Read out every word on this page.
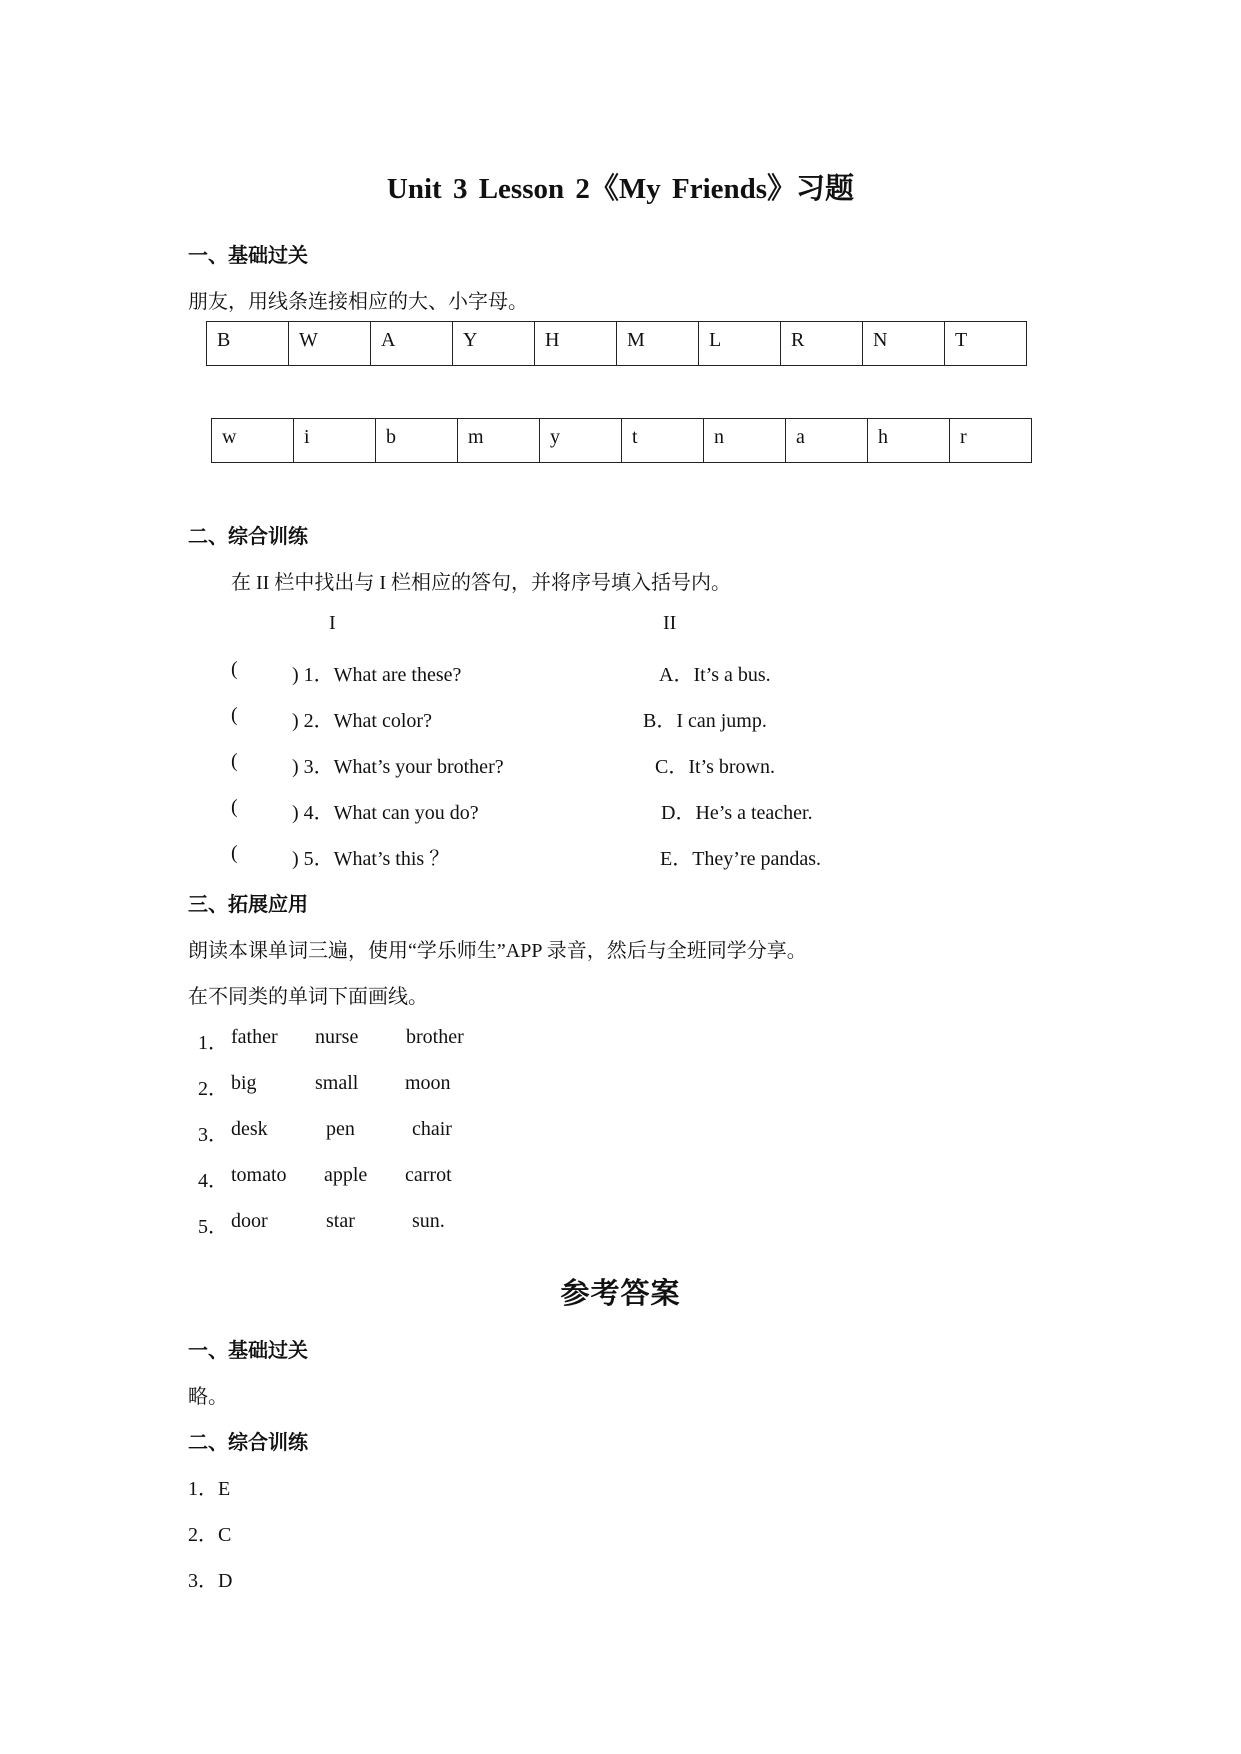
Unit 3 Lesson 2《My Friends》习题
一、基础过关
朋友，用线条连接相应的大、小字母。
B	W	A	Y	H	M	L	R	N	T
w	i	b	m	y	t	n	a	h	r
二、综合训练
在 II 栏中找出与 I 栏相应的答句，并将序号填入括号内。
I	II
(	) 1．What are these?	A．It’s a bus.
(	) 2．What color?	B．I can jump.
(	) 3．What’s your brother?	C．It’s brown.
(	) 4．What can you do?	D．He’s a teacher.
(	) 5．What’s this ？	E．They’re pandas.
三、拓展应用
朗读本课单词三遍，使用“学乐师生”APP 录音，然后与全班同学分享。
在不同类的单词下面画线。
1． father nurse brother
2． big	small moon
3． desk	pen	chair
4． tomato apple carrot
5． door	star	sun.
参考答案
一、基础过关
略。
二、综合训练
1．E
2．C
3．D
